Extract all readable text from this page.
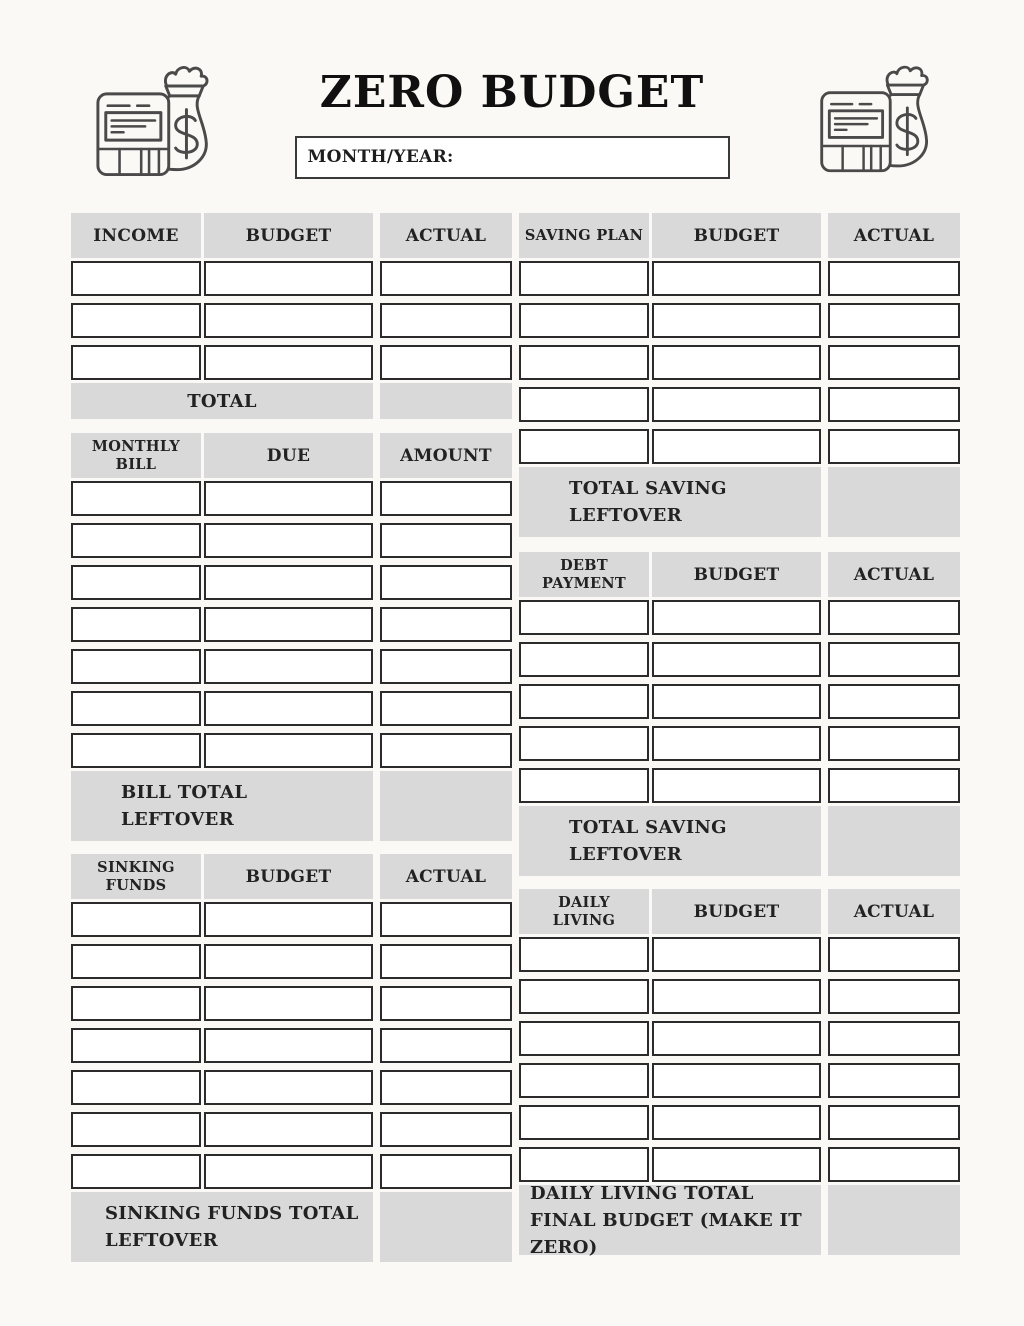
ZERO BUDGET
MONTH/YEAR:
INCOME	BUDGET	ACTUAL
TOTAL
MONTHLY BILL	DUE	AMOUNT
BILL TOTAL
LEFTOVER
SINKING FUNDS	BUDGET	ACTUAL
SINKING FUNDS TOTAL
LEFTOVER
SAVING PLAN	BUDGET	ACTUAL
TOTAL SAVING
LEFTOVER
DEBT PAYMENT	BUDGET	ACTUAL
TOTAL SAVING
LEFTOVER
DAILY LIVING	BUDGET	ACTUAL
DAILY LIVING TOTAL
FINAL BUDGET (MAKE IT ZERO)
